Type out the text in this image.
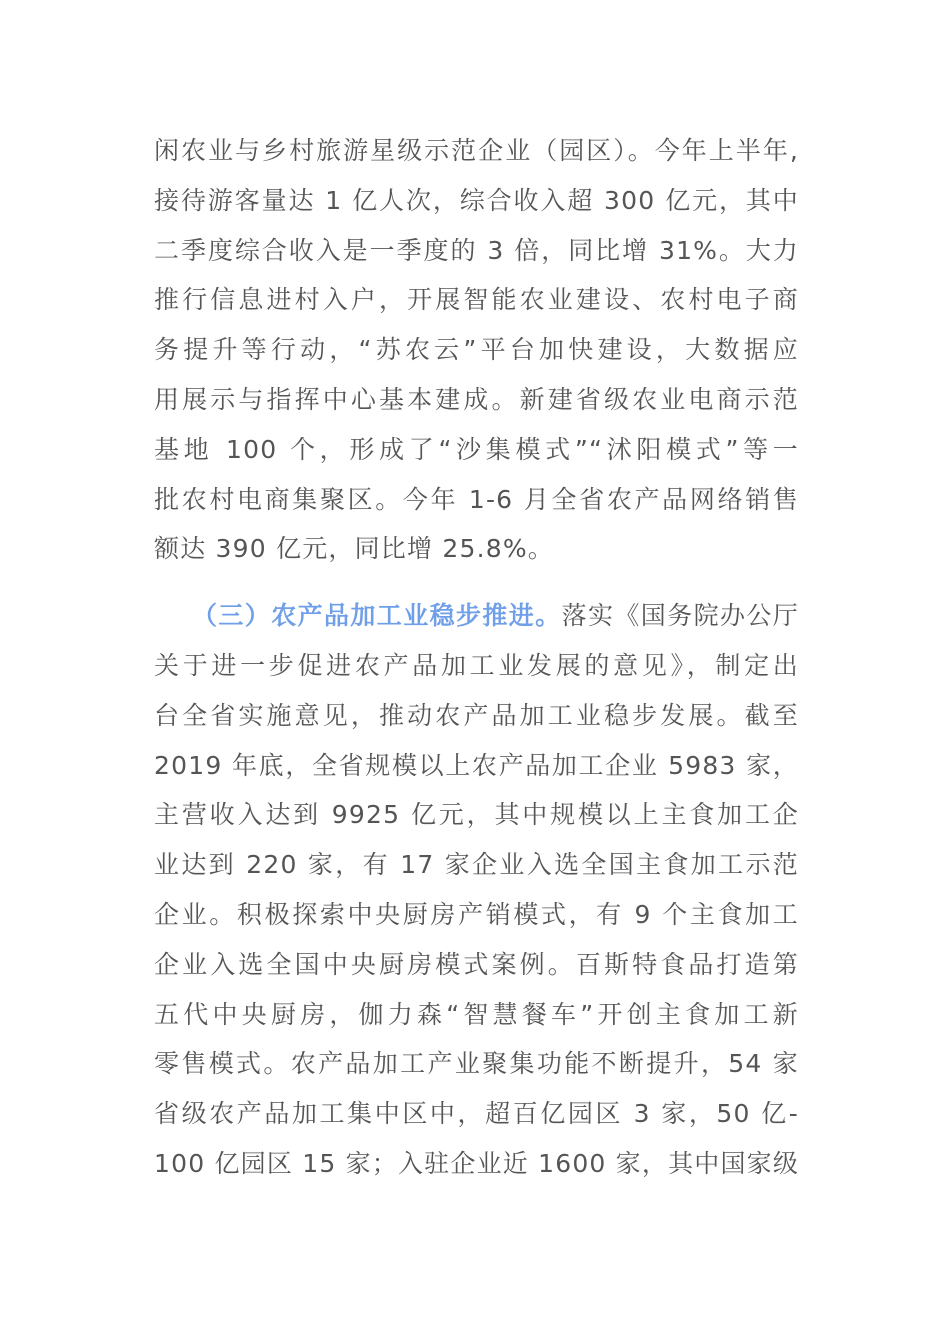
闲农业与乡村旅游星级示范企业（园区）。今年上半年,
接待游客量达 1 亿人次，综合收入超 300 亿元，其中
二季度综合收入是一季度的 3 倍，同比增 31%。大力
推行信息进村入户，开展智能农业建设、农村电子商
务提升等行动，“苏农云”平台加快建设，大数据应
用展示与指挥中心基本建成。新建省级农业电商示范
基地 100 个，形成了“沙集模式”“沭阳模式”等一
批农村电商集聚区。今年 1-6 月全省农产品网络销售
额达 390 亿元，同比增 25.8%。
（三）农产品加工业稳步推进。落实《国务院办公厅
关于进一步促进农产品加工业发展的意见》，制定出
台全省实施意见，推动农产品加工业稳步发展。截至
2019 年底，全省规模以上农产品加工企业 5983 家，
主营收入达到 9925 亿元，其中规模以上主食加工企
业达到 220 家，有 17 家企业入选全国主食加工示范
企业。积极探索中央厨房产销模式，有 9 个主食加工
企业入选全国中央厨房模式案例。百斯特食品打造第
五代中央厨房，伽力森“智慧餐车”开创主食加工新
零售模式。农产品加工产业聚集功能不断提升，54 家
省级农产品加工集中区中，超百亿园区 3 家，50 亿-
100 亿园区 15 家；入驻企业近 1600 家，其中国家级
